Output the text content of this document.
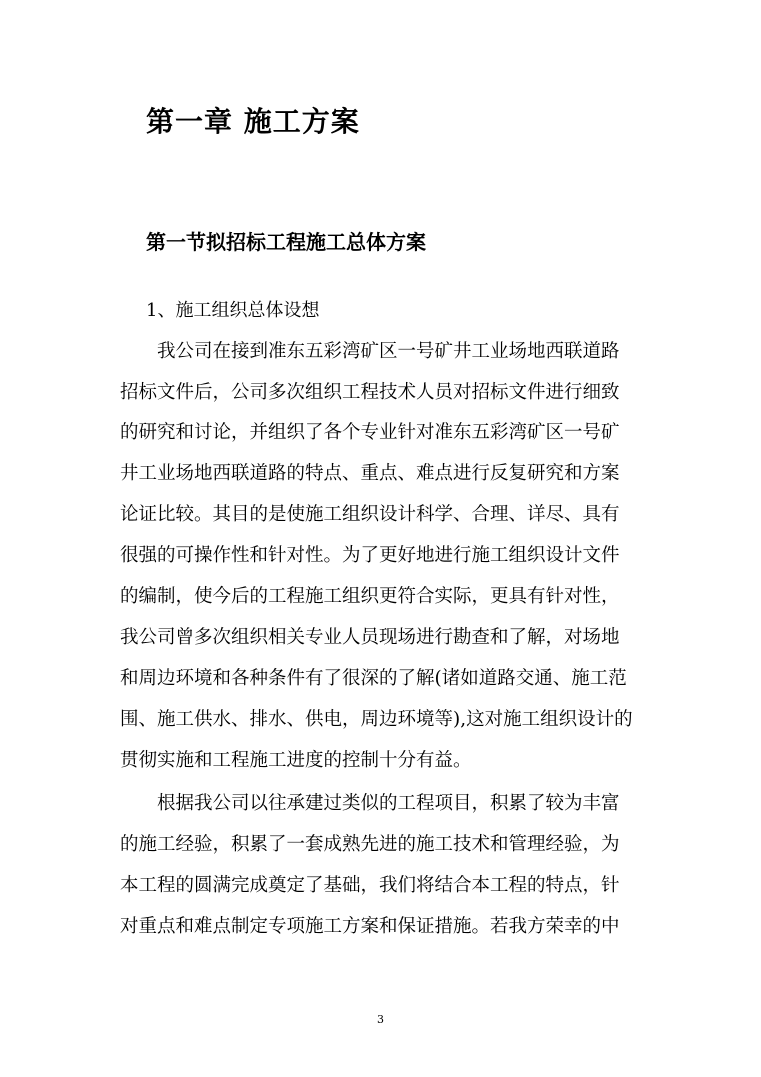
第一章 施工方案
第一节拟招标工程施工总体方案
1、施工组织总体设想
我公司在接到准东五彩湾矿区一号矿井工业场地西联道路
招标文件后，公司多次组织工程技术人员对招标文件进行细致
的研究和讨论，并组织了各个专业针对准东五彩湾矿区一号矿
井工业场地西联道路的特点、重点、难点进行反复研究和方案
论证比较。其目的是使施工组织设计科学、合理、详尽、具有
很强的可操作性和针对性。为了更好地进行施工组织设计文件
的编制，使今后的工程施工组织更符合实际，更具有针对性，
我公司曾多次组织相关专业人员现场进行勘查和了解，对场地
和周边环境和各种条件有了很深的了解(诸如道路交通、施工范
围、施工供水、排水、供电，周边环境等),这对施工组织设计的
贯彻实施和工程施工进度的控制十分有益。
根据我公司以往承建过类似的工程项目，积累了较为丰富
的施工经验，积累了一套成熟先进的施工技术和管理经验，为
本工程的圆满完成奠定了基础，我们将结合本工程的特点，针
对重点和难点制定专项施工方案和保证措施。若我方荣幸的中
3
